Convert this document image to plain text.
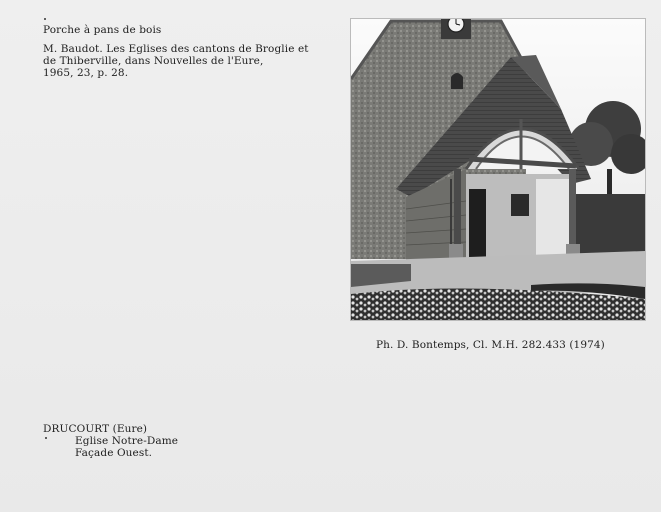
Porche à pans de bois
M. Baudot. Les Eglises des cantons de Broglie et
de Thiberville, dans Nouvelles de l'Eure,
1965, 23, p. 28.
Ph. D. Bontemps, Cl. M.H. 282.433 (1974)
DRUCOURT (Eure)
Eglise Notre-Dame
Façade Ouest.
